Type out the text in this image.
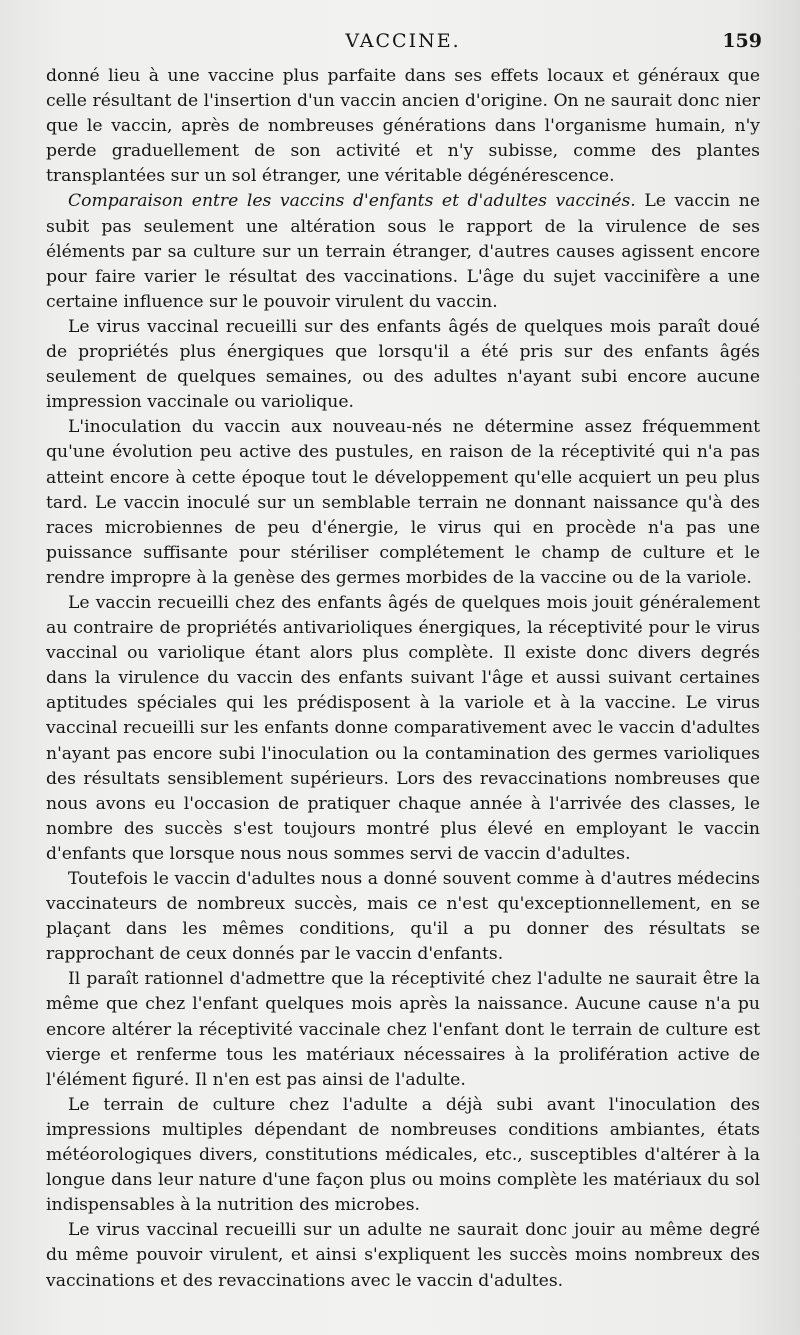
VACCINE.	159

donné lieu à une vaccine plus parfaite dans ses effets locaux et généraux que celle résultant de l'insertion d'un vaccin ancien d'origine. On ne saurait donc nier que le vaccin, après de nombreuses générations dans l'organisme humain, n'y perde graduellement de son activité et n'y subisse, comme des plantes transplantées sur un sol étranger, une véritable dégénérescence.

Comparaison entre les vaccins d'enfants et d'adultes vaccinés. Le vaccin ne subit pas seulement une altération sous le rapport de la virulence de ses éléments par sa culture sur un terrain étranger, d'autres causes agissent encore pour faire varier le résultat des vaccinations. L'âge du sujet vaccinifère a une certaine influence sur le pouvoir virulent du vaccin.

Le virus vaccinal recueilli sur des enfants âgés de quelques mois paraît doué de propriétés plus énergiques que lorsqu'il a été pris sur des enfants âgés seulement de quelques semaines, ou des adultes n'ayant subi encore aucune impression vaccinale ou variolique.

L'inoculation du vaccin aux nouveau-nés ne détermine assez fréquemment qu'une évolution peu active des pustules, en raison de la réceptivité qui n'a pas atteint encore à cette époque tout le développement qu'elle acquiert un peu plus tard. Le vaccin inoculé sur un semblable terrain ne donnant naissance qu'à des races microbiennes de peu d'énergie, le virus qui en procède n'a pas une puissance suffisante pour stériliser complétement le champ de culture et le rendre impropre à la genèse des germes morbides de la vaccine ou de la variole.

Le vaccin recueilli chez des enfants âgés de quelques mois jouit généralement au contraire de propriétés antivarioliques énergiques, la réceptivité pour le virus vaccinal ou variolique étant alors plus complète. Il existe donc divers degrés dans la virulence du vaccin des enfants suivant l'âge et aussi suivant certaines aptitudes spéciales qui les prédisposent à la variole et à la vaccine. Le virus vaccinal recueilli sur les enfants donne comparativement avec le vaccin d'adultes n'ayant pas encore subi l'inoculation ou la contamination des germes varioliques des résultats sensiblement supérieurs. Lors des revaccinations nombreuses que nous avons eu l'occasion de pratiquer chaque année à l'arrivée des classes, le nombre des succès s'est toujours montré plus élevé en employant le vaccin d'enfants que lorsque nous nous sommes servi de vaccin d'adultes.

Toutefois le vaccin d'adultes nous a donné souvent comme à d'autres médecins vaccinateurs de nombreux succès, mais ce n'est qu'exceptionnellement, en se plaçant dans les mêmes conditions, qu'il a pu donner des résultats se rapprochant de ceux donnés par le vaccin d'enfants.

Il paraît rationnel d'admettre que la réceptivité chez l'adulte ne saurait être la même que chez l'enfant quelques mois après la naissance. Aucune cause n'a pu encore altérer la réceptivité vaccinale chez l'enfant dont le terrain de culture est vierge et renferme tous les matériaux nécessaires à la prolifération active de l'élément figuré. Il n'en est pas ainsi de l'adulte.

Le terrain de culture chez l'adulte a déjà subi avant l'inoculation des impressions multiples dépendant de nombreuses conditions ambiantes, états météorologiques divers, constitutions médicales, etc., susceptibles d'altérer à la longue dans leur nature d'une façon plus ou moins complète les matériaux du sol indispensables à la nutrition des microbes.

Le virus vaccinal recueilli sur un adulte ne saurait donc jouir au même degré du même pouvoir virulent, et ainsi s'expliquent les succès moins nombreux des vaccinations et des revaccinations avec le vaccin d'adultes.
